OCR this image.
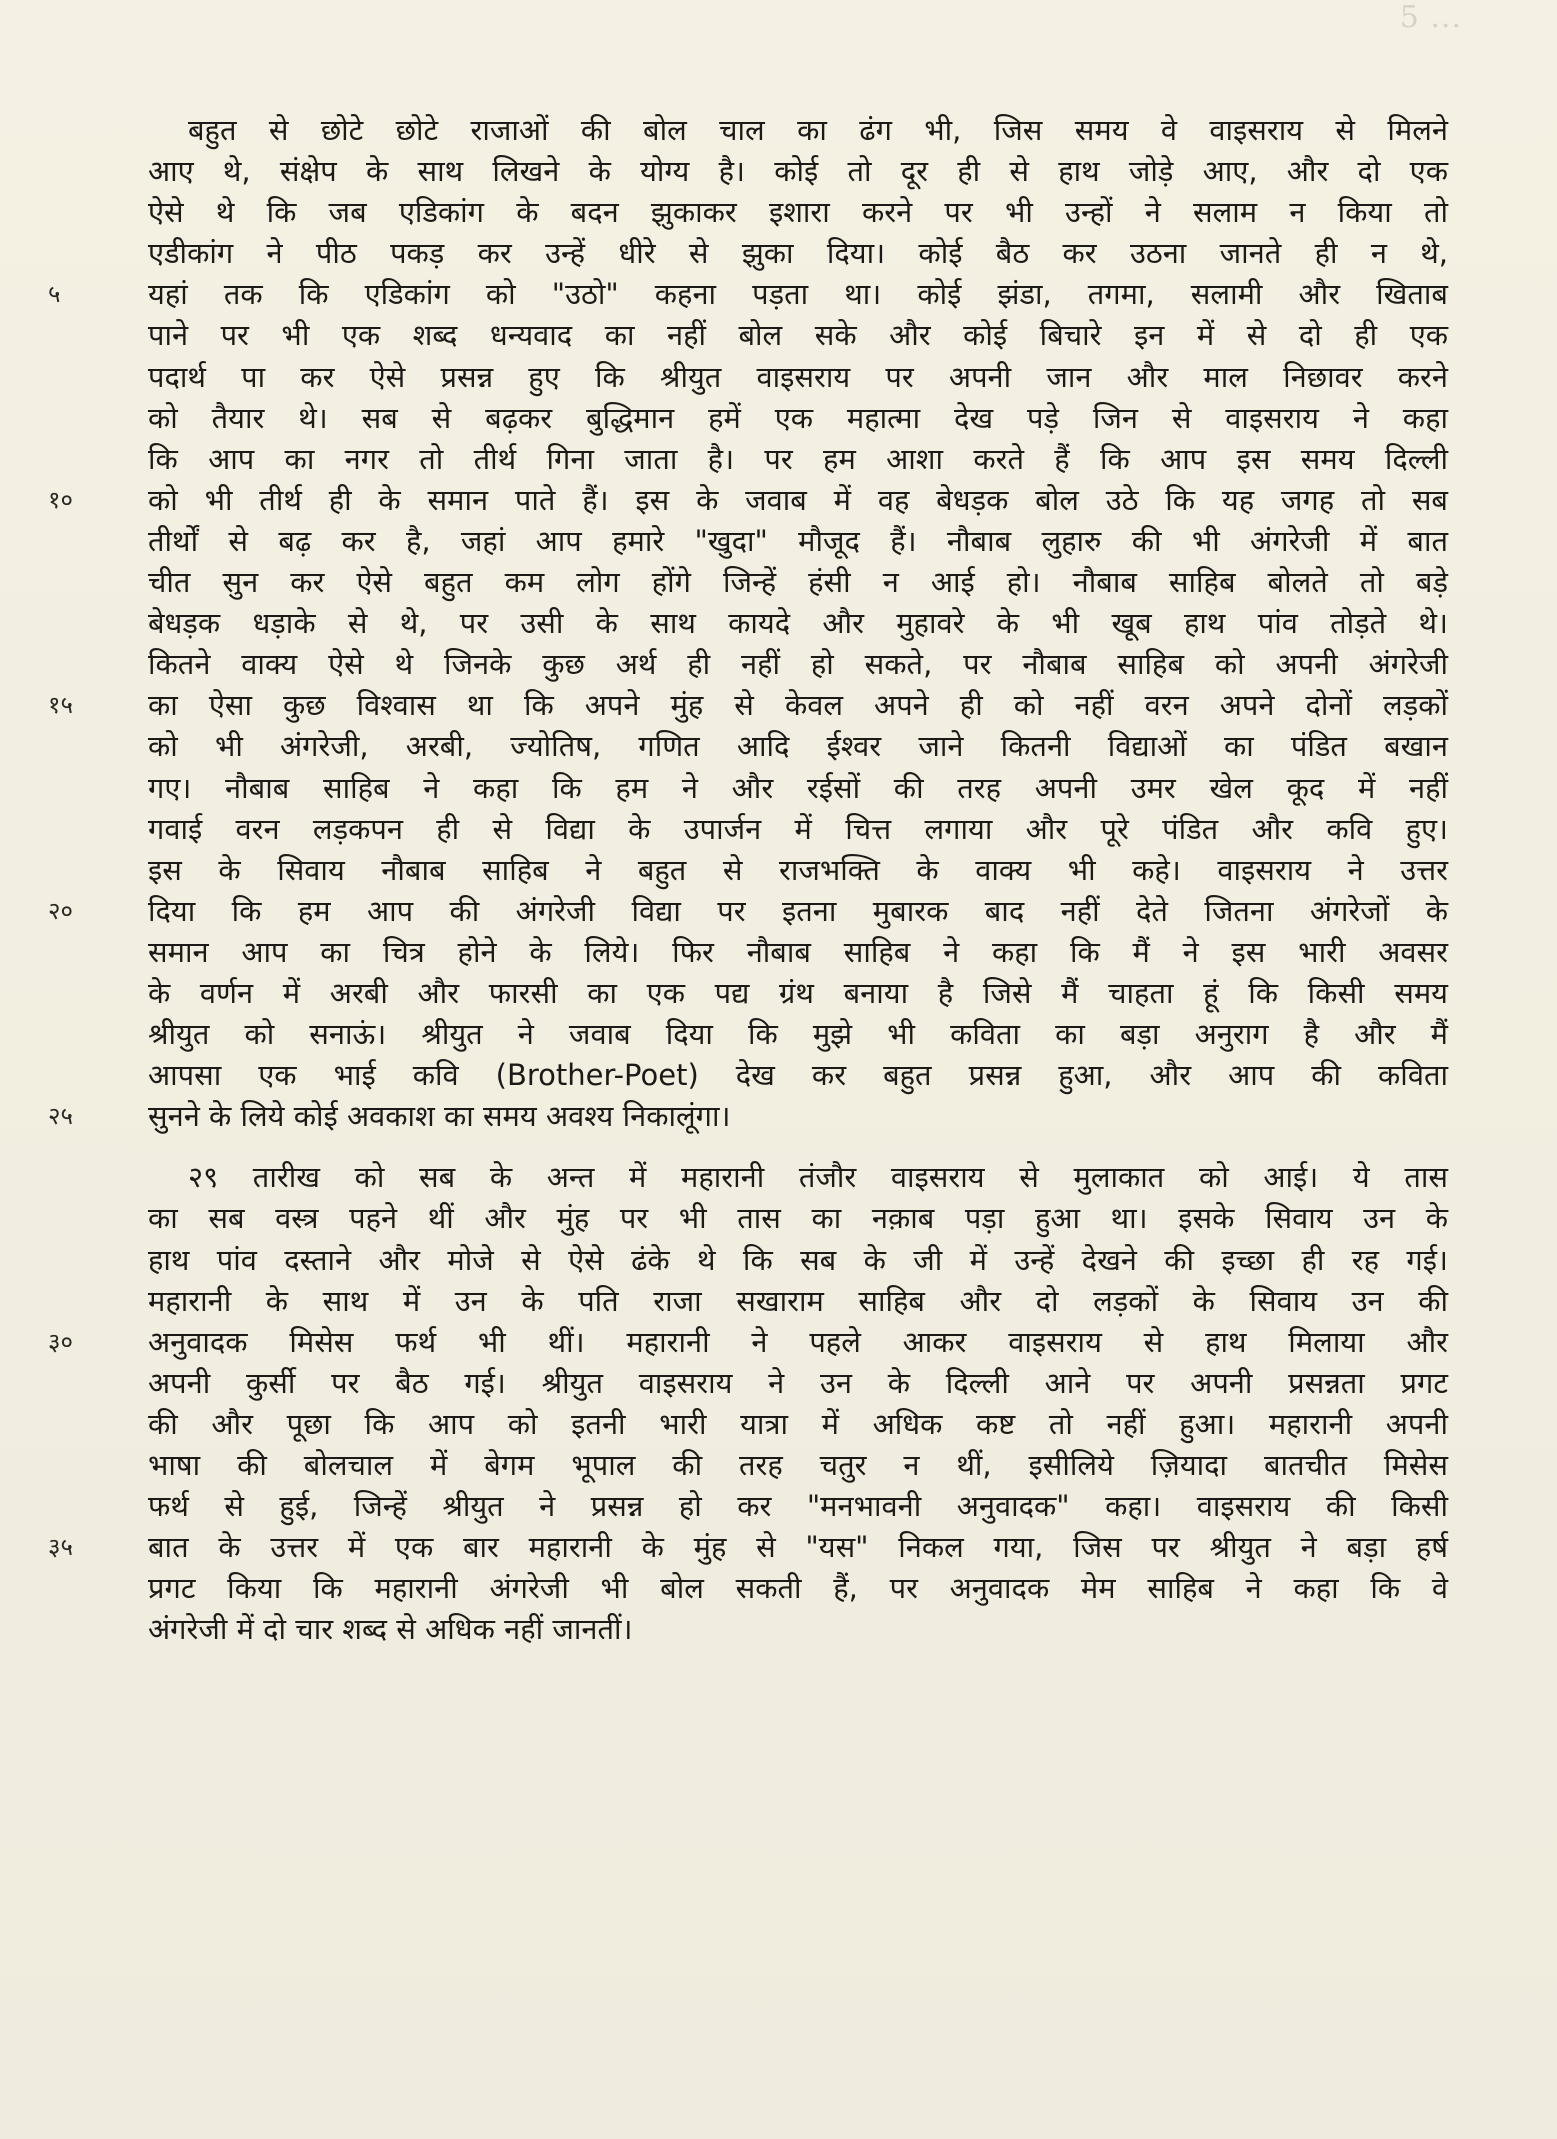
5 ...
बहुत से छोटे छोटे राजाओं की बोल चाल का ढंग भी, जिस समय वे वाइसराय से मिलने
आए थे, संक्षेप के साथ लिखने के योग्य है। कोई तो दूर ही से हाथ जोड़े आए, और दो एक
ऐसे थे कि जब एडिकांग के बदन झुकाकर इशारा करने पर भी उन्हों ने सलाम न किया तो
एडीकांग ने पीठ पकड़ कर उन्हें धीरे से झुका दिया। कोई बैठ कर उठना जानते ही न थे,
यहां तक कि एडिकांग को "उठो" कहना पड़ता था। कोई झंडा, तगमा, सलामी और खिताब
५
पाने पर भी एक शब्द धन्यवाद का नहीं बोल सके और कोई बिचारे इन में से दो ही एक
पदार्थ पा कर ऐसे प्रसन्न हुए कि श्रीयुत वाइसराय पर अपनी जान और माल निछावर करने
को तैयार थे। सब से बढ़कर बुद्धिमान हमें एक महात्मा देख पड़े जिन से वाइसराय ने कहा
कि आप का नगर तो तीर्थ गिना जाता है। पर हम आशा करते हैं कि आप इस समय दिल्ली
को भी तीर्थ ही के समान पाते हैं। इस के जवाब में वह बेधड़क बोल उठे कि यह जगह तो सब
१०
तीर्थों से बढ़ कर है, जहां आप हमारे "खुदा" मौजूद हैं। नौबाब लुहारु की भी अंगरेजी में बात
चीत सुन कर ऐसे बहुत कम लोग होंगे जिन्हें हंसी न आई हो। नौबाब साहिब बोलते तो बड़े
बेधड़क धड़ाके से थे, पर उसी के साथ कायदे और मुहावरे के भी खूब हाथ पांव तोड़ते थे।
कितने वाक्य ऐसे थे जिनके कुछ अर्थ ही नहीं हो सकते, पर नौबाब साहिब को अपनी अंगरेजी
का ऐसा कुछ विश्वास था कि अपने मुंह से केवल अपने ही को नहीं वरन अपने दोनों लड़कों
१५
को भी अंगरेजी, अरबी, ज्योतिष, गणित आदि ईश्वर जाने कितनी विद्याओं का पंडित बखान
गए। नौबाब साहिब ने कहा कि हम ने और रईसों की तरह अपनी उमर खेल कूद में नहीं
गवाई वरन लड़कपन ही से विद्या के उपार्जन में चित्त लगाया और पूरे पंडित और कवि हुए।
इस के सिवाय नौबाब साहिब ने बहुत से राजभक्ति के वाक्य भी कहे। वाइसराय ने उत्तर
दिया कि हम आप की अंगरेजी विद्या पर इतना मुबारक बाद नहीं देते जितना अंगरेजों के
२०
समान आप का चित्र होने के लिये। फिर नौबाब साहिब ने कहा कि मैं ने इस भारी अवसर
के वर्णन में अरबी और फारसी का एक पद्य ग्रंथ बनाया है जिसे मैं चाहता हूं कि किसी समय
श्रीयुत को सनाऊं। श्रीयुत ने जवाब दिया कि मुझे भी कविता का बड़ा अनुराग है और मैं
आपसा एक भाई कवि (Brother-Poet) देख कर बहुत प्रसन्न हुआ, और आप की कविता
सुनने के लिये कोई अवकाश का समय अवश्य निकालूंगा।
२५
२९ तारीख को सब के अन्त में महारानी तंजौर वाइसराय से मुलाकात को आई। ये तास
का सब वस्त्र पहने थीं और मुंह पर भी तास का नक़ाब पड़ा हुआ था। इसके सिवाय उन के
हाथ पांव दस्ताने और मोजे से ऐसे ढंके थे कि सब के जी में उन्हें देखने की इच्छा ही रह गई।
महारानी के साथ में उन के पति राजा सखाराम साहिब और दो लड़कों के सिवाय उन की
अनुवादक मिसेस फर्थ भी थीं। महारानी ने पहले आकर वाइसराय से हाथ मिलाया और
३०
अपनी कुर्सी पर बैठ गई। श्रीयुत वाइसराय ने उन के दिल्ली आने पर अपनी प्रसन्नता प्रगट
की और पूछा कि आप को इतनी भारी यात्रा में अधिक कष्ट तो नहीं हुआ। महारानी अपनी
भाषा की बोलचाल में बेगम भूपाल की तरह चतुर न थीं, इसीलिये ज़ियादा बातचीत मिसेस
फर्थ से हुई, जिन्हें श्रीयुत ने प्रसन्न हो कर "मनभावनी अनुवादक" कहा। वाइसराय की किसी
बात के उत्तर में एक बार महारानी के मुंह से "यस" निकल गया, जिस पर श्रीयुत ने बड़ा हर्ष
३५
प्रगट किया कि महारानी अंगरेजी भी बोल सकती हैं, पर अनुवादक मेम साहिब ने कहा कि वे
अंगरेजी में दो चार शब्द से अधिक नहीं जानतीं।
